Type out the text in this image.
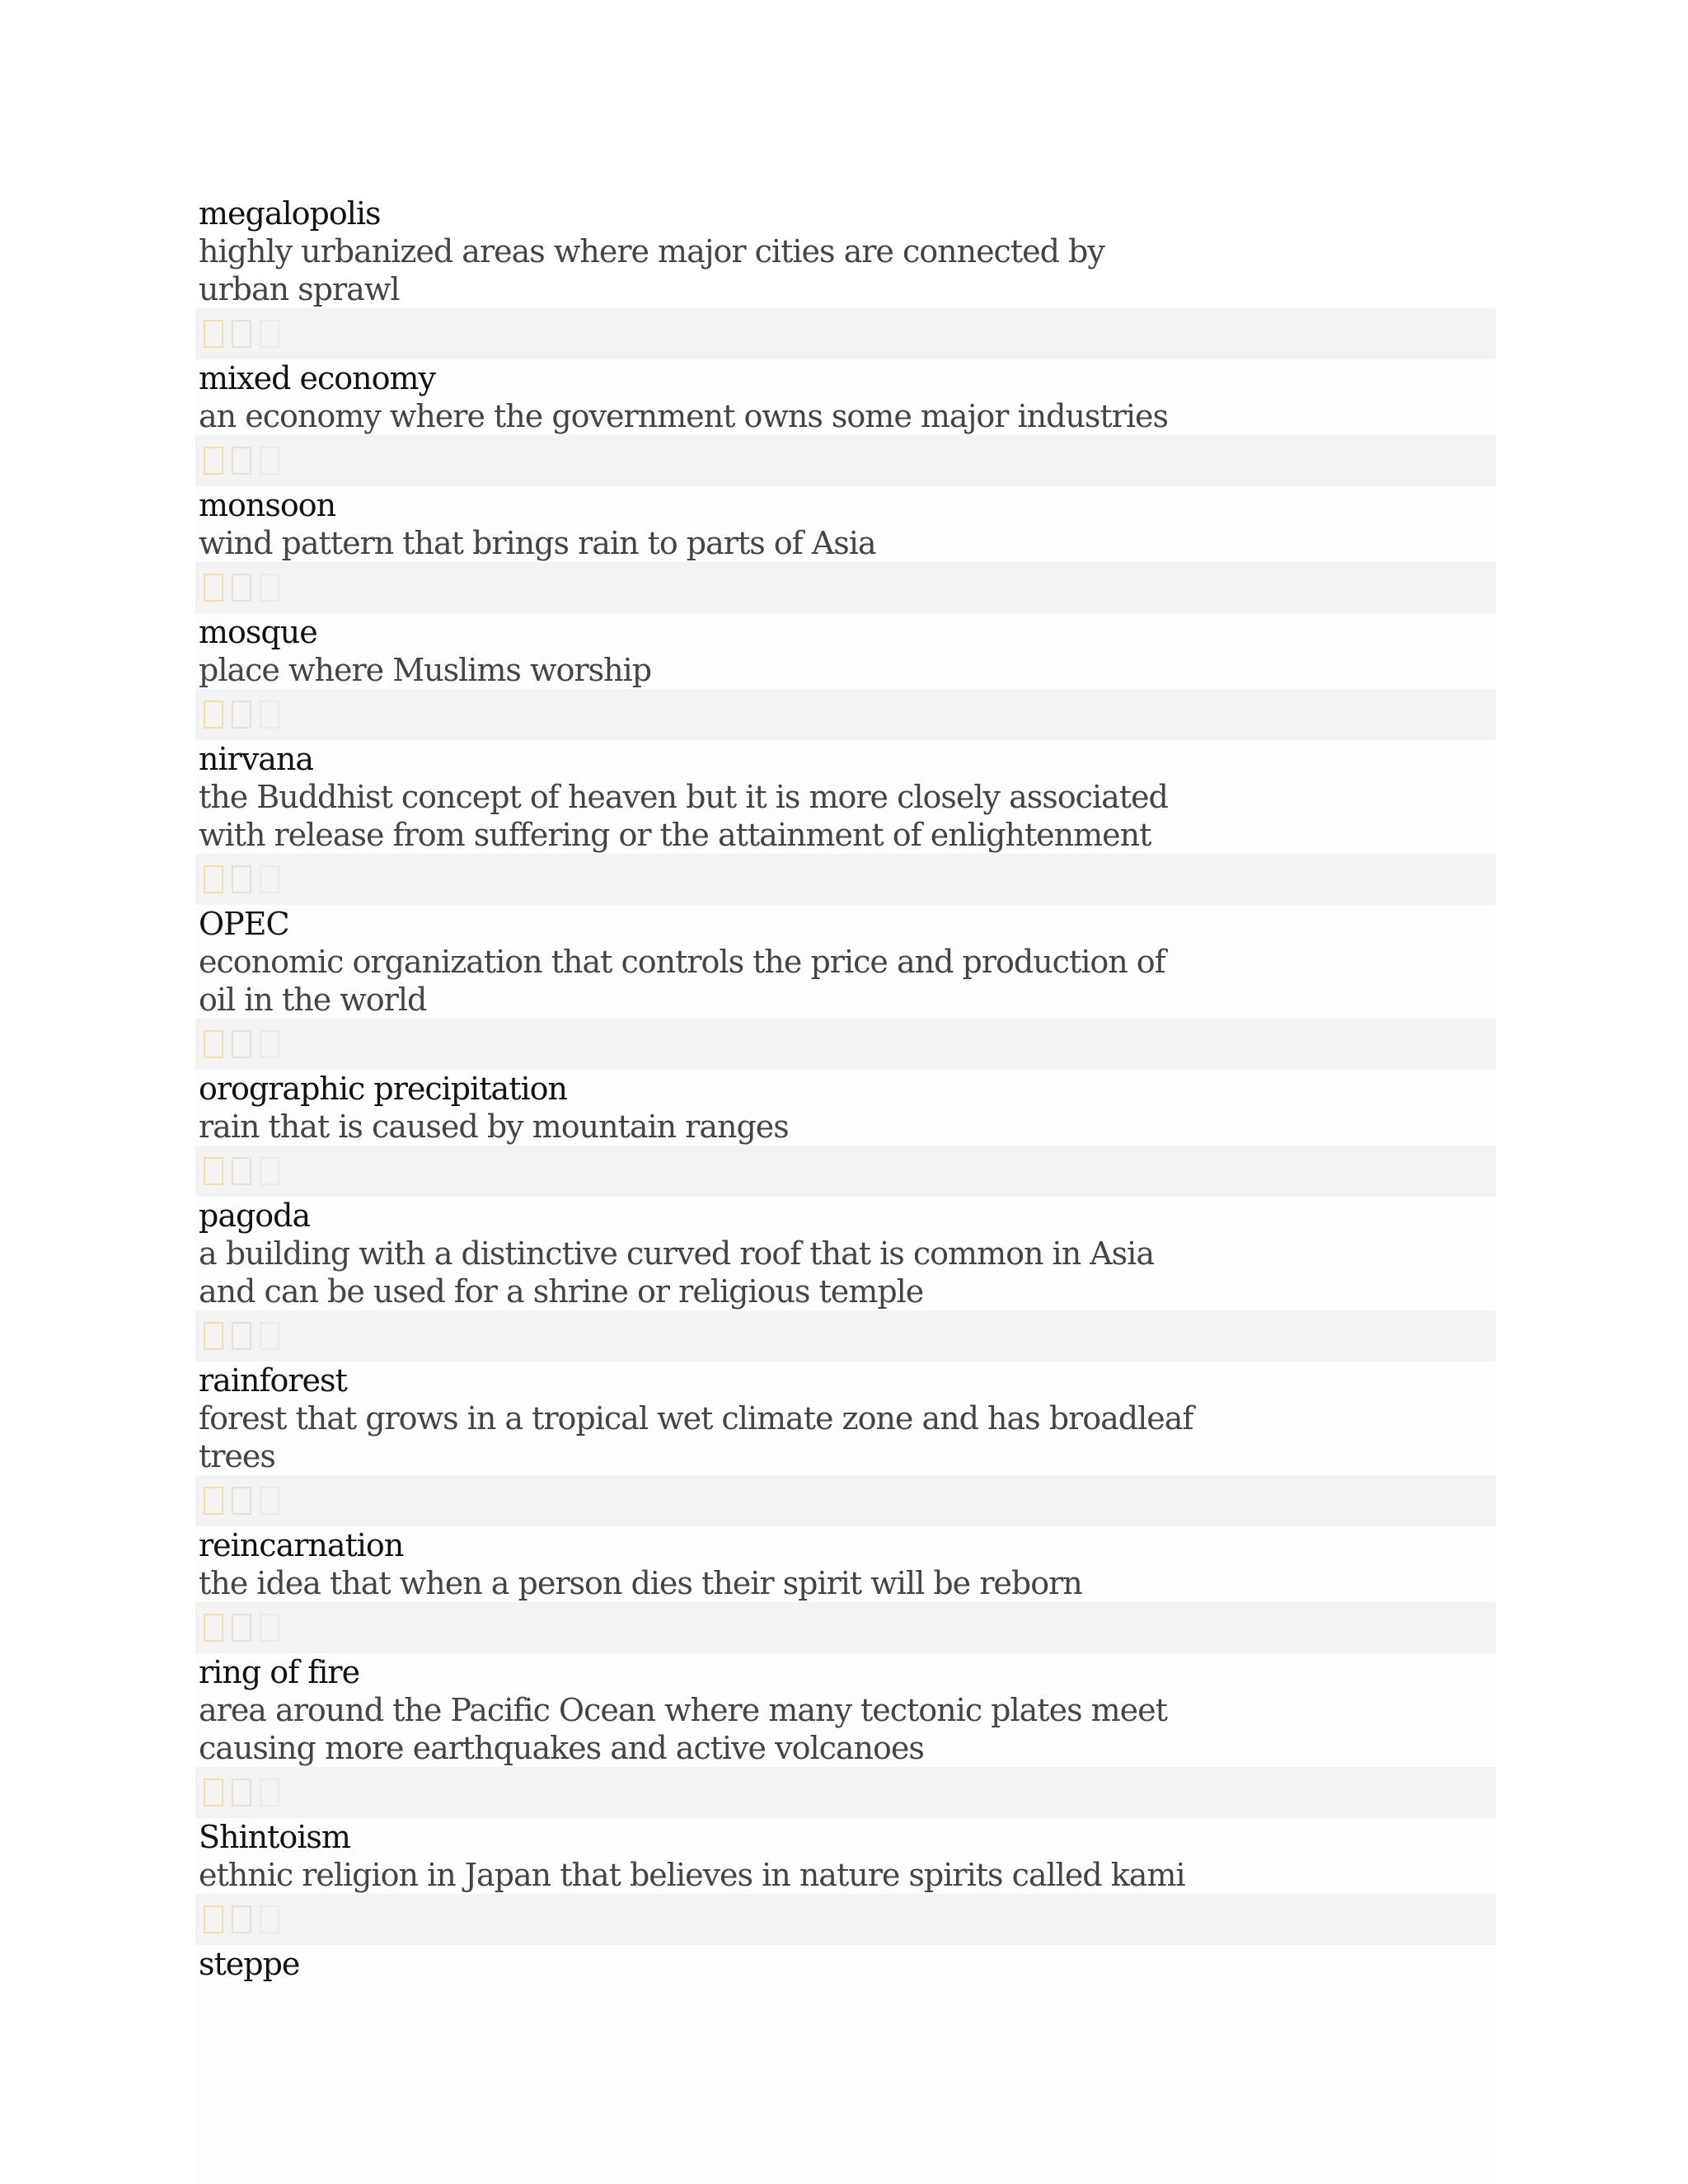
megalopolis
highly urbanized areas where major cities are connected by
urban sprawl
mixed economy
an economy where the government owns some major industries
monsoon
wind pattern that brings rain to parts of Asia
mosque
place where Muslims worship
nirvana
the Buddhist concept of heaven but it is more closely associated
with release from suffering or the attainment of enlightenment
OPEC
economic organization that controls the price and production of
oil in the world
orographic precipitation
rain that is caused by mountain ranges
pagoda
a building with a distinctive curved roof that is common in Asia
and can be used for a shrine or religious temple
rainforest
forest that grows in a tropical wet climate zone and has broadleaf
trees
reincarnation
the idea that when a person dies their spirit will be reborn
ring of fire
area around the Pacific Ocean where many tectonic plates meet
causing more earthquakes and active volcanoes
Shintoism
ethnic religion in Japan that believes in nature spirits called kami
steppe
